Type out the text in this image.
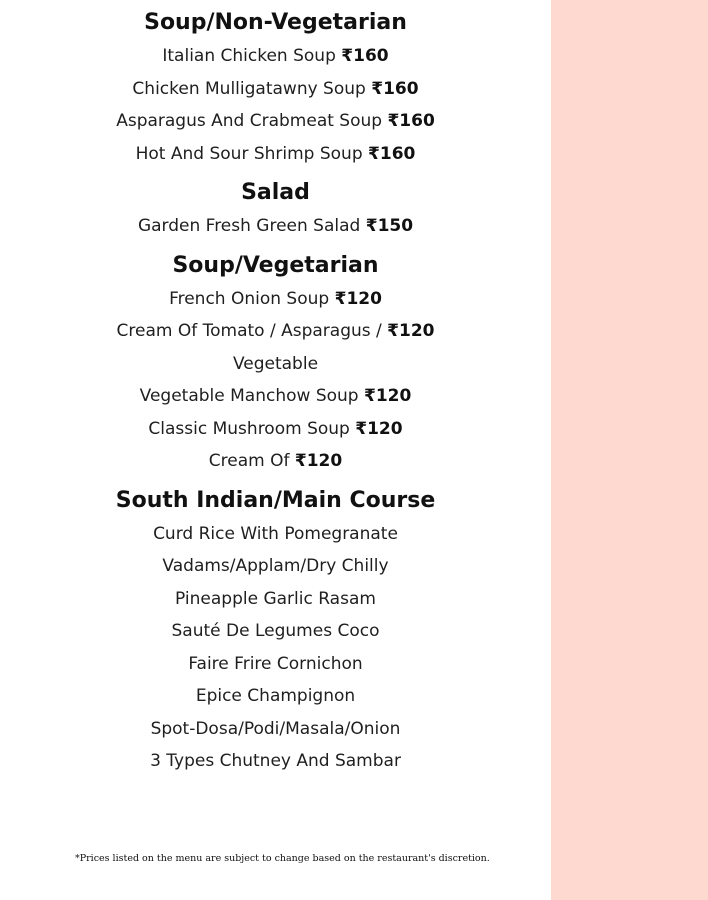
Soup/Non-Vegetarian
Italian Chicken Soup ₹160
Chicken Mulligatawny Soup ₹160
Asparagus And Crabmeat Soup ₹160
Hot And Sour Shrimp Soup ₹160
Salad
Garden Fresh Green Salad ₹150
Soup/Vegetarian
French Onion Soup ₹120
Cream Of Tomato / Asparagus / ₹120
Vegetable
Vegetable Manchow Soup ₹120
Classic Mushroom Soup ₹120
Cream Of ₹120
South Indian/Main Course
Curd Rice With Pomegranate
Vadams/Applam/Dry Chilly
Pineapple Garlic Rasam
Sauté De Legumes Coco
Faire Frire Cornichon
Epice Champignon
Spot-Dosa/Podi/Masala/Onion
3 Types Chutney And Sambar
*Prices listed on the menu are subject to change based on the restaurant's discretion.
